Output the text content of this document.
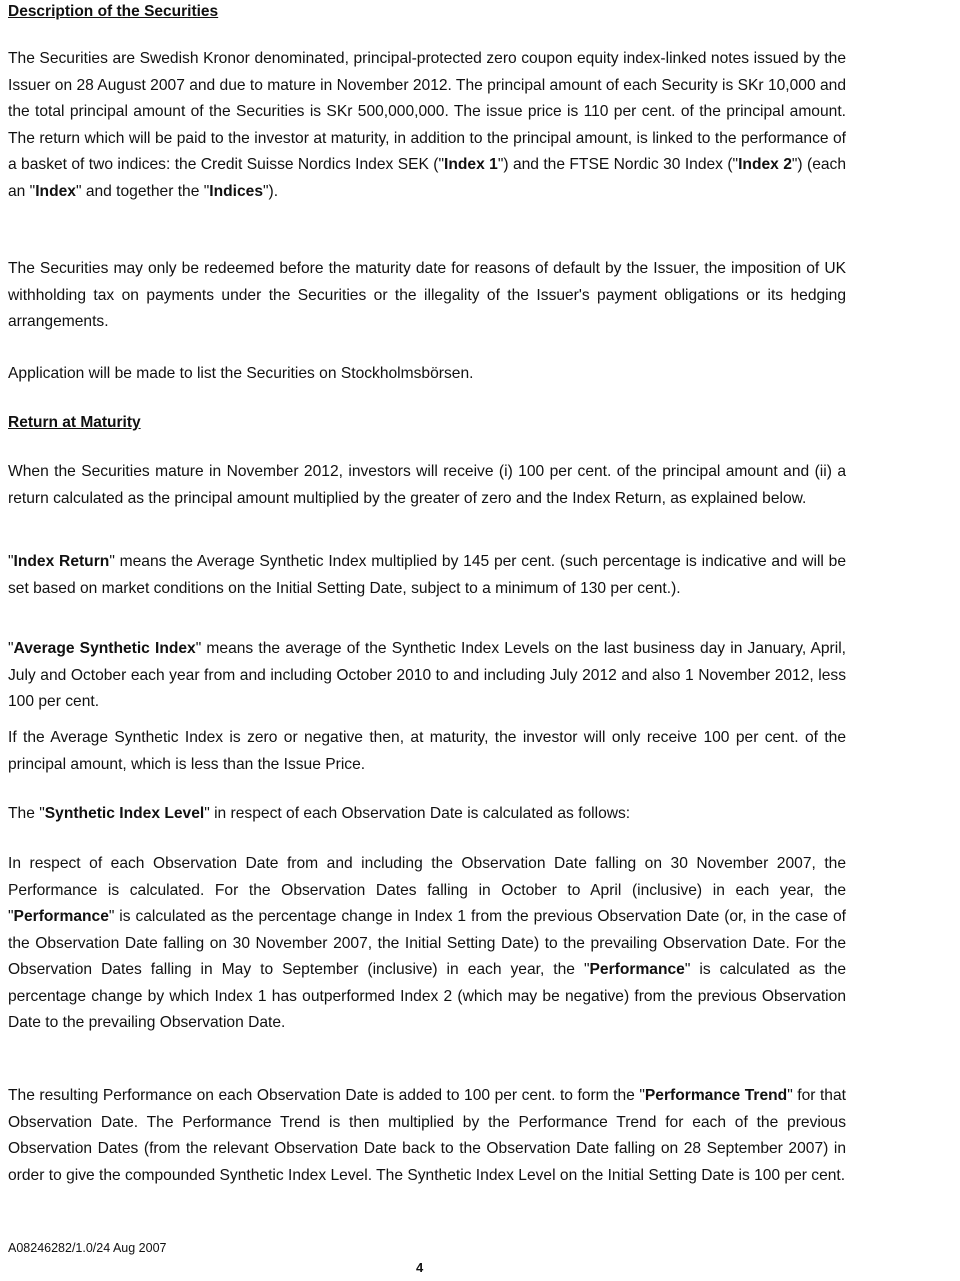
Description of the Securities

The Securities are Swedish Kronor denominated, principal-protected zero coupon equity index-linked notes issued by the Issuer on 28 August 2007 and due to mature in November 2012. The principal amount of each Security is SKr 10,000 and the total principal amount of the Securities is SKr 500,000,000. The issue price is 110 per cent. of the principal amount. The return which will be paid to the investor at maturity, in addition to the principal amount, is linked to the performance of a basket of two indices: the Credit Suisse Nordics Index SEK ("Index 1") and the FTSE Nordic 30 Index ("Index 2") (each an "Index" and together the "Indices").

The Securities may only be redeemed before the maturity date for reasons of default by the Issuer, the imposition of UK withholding tax on payments under the Securities or the illegality of the Issuer's payment obligations or its hedging arrangements.

Application will be made to list the Securities on Stockholmsbörsen.

Return at Maturity

When the Securities mature in November 2012, investors will receive (i) 100 per cent. of the principal amount and (ii) a return calculated as the principal amount multiplied by the greater of zero and the Index Return, as explained below.

"Index Return" means the Average Synthetic Index multiplied by 145 per cent. (such percentage is indicative and will be set based on market conditions on the Initial Setting Date, subject to a minimum of 130 per cent.).

"Average Synthetic Index" means the average of the Synthetic Index Levels on the last business day in January, April, July and October each year from and including October 2010 to and including July 2012 and also 1 November 2012, less 100 per cent.

If the Average Synthetic Index is zero or negative then, at maturity, the investor will only receive 100 per cent. of the principal amount, which is less than the Issue Price.

The "Synthetic Index Level" in respect of each Observation Date is calculated as follows:

In respect of each Observation Date from and including the Observation Date falling on 30 November 2007, the Performance is calculated. For the Observation Dates falling in October to April (inclusive) in each year, the "Performance" is calculated as the percentage change in Index 1 from the previous Observation Date (or, in the case of the Observation Date falling on 30 November 2007, the Initial Setting Date) to the prevailing Observation Date. For the Observation Dates falling in May to September (inclusive) in each year, the "Performance" is calculated as the percentage change by which Index 1 has outperformed Index 2 (which may be negative) from the previous Observation Date to the prevailing Observation Date.

The resulting Performance on each Observation Date is added to 100 per cent. to form the "Performance Trend" for that Observation Date. The Performance Trend is then multiplied by the Performance Trend for each of the previous Observation Dates (from the relevant Observation Date back to the Observation Date falling on 28 September 2007) in order to give the compounded Synthetic Index Level. The Synthetic Index Level on the Initial Setting Date is 100 per cent.

A08246282/1.0/24 Aug 2007

4
